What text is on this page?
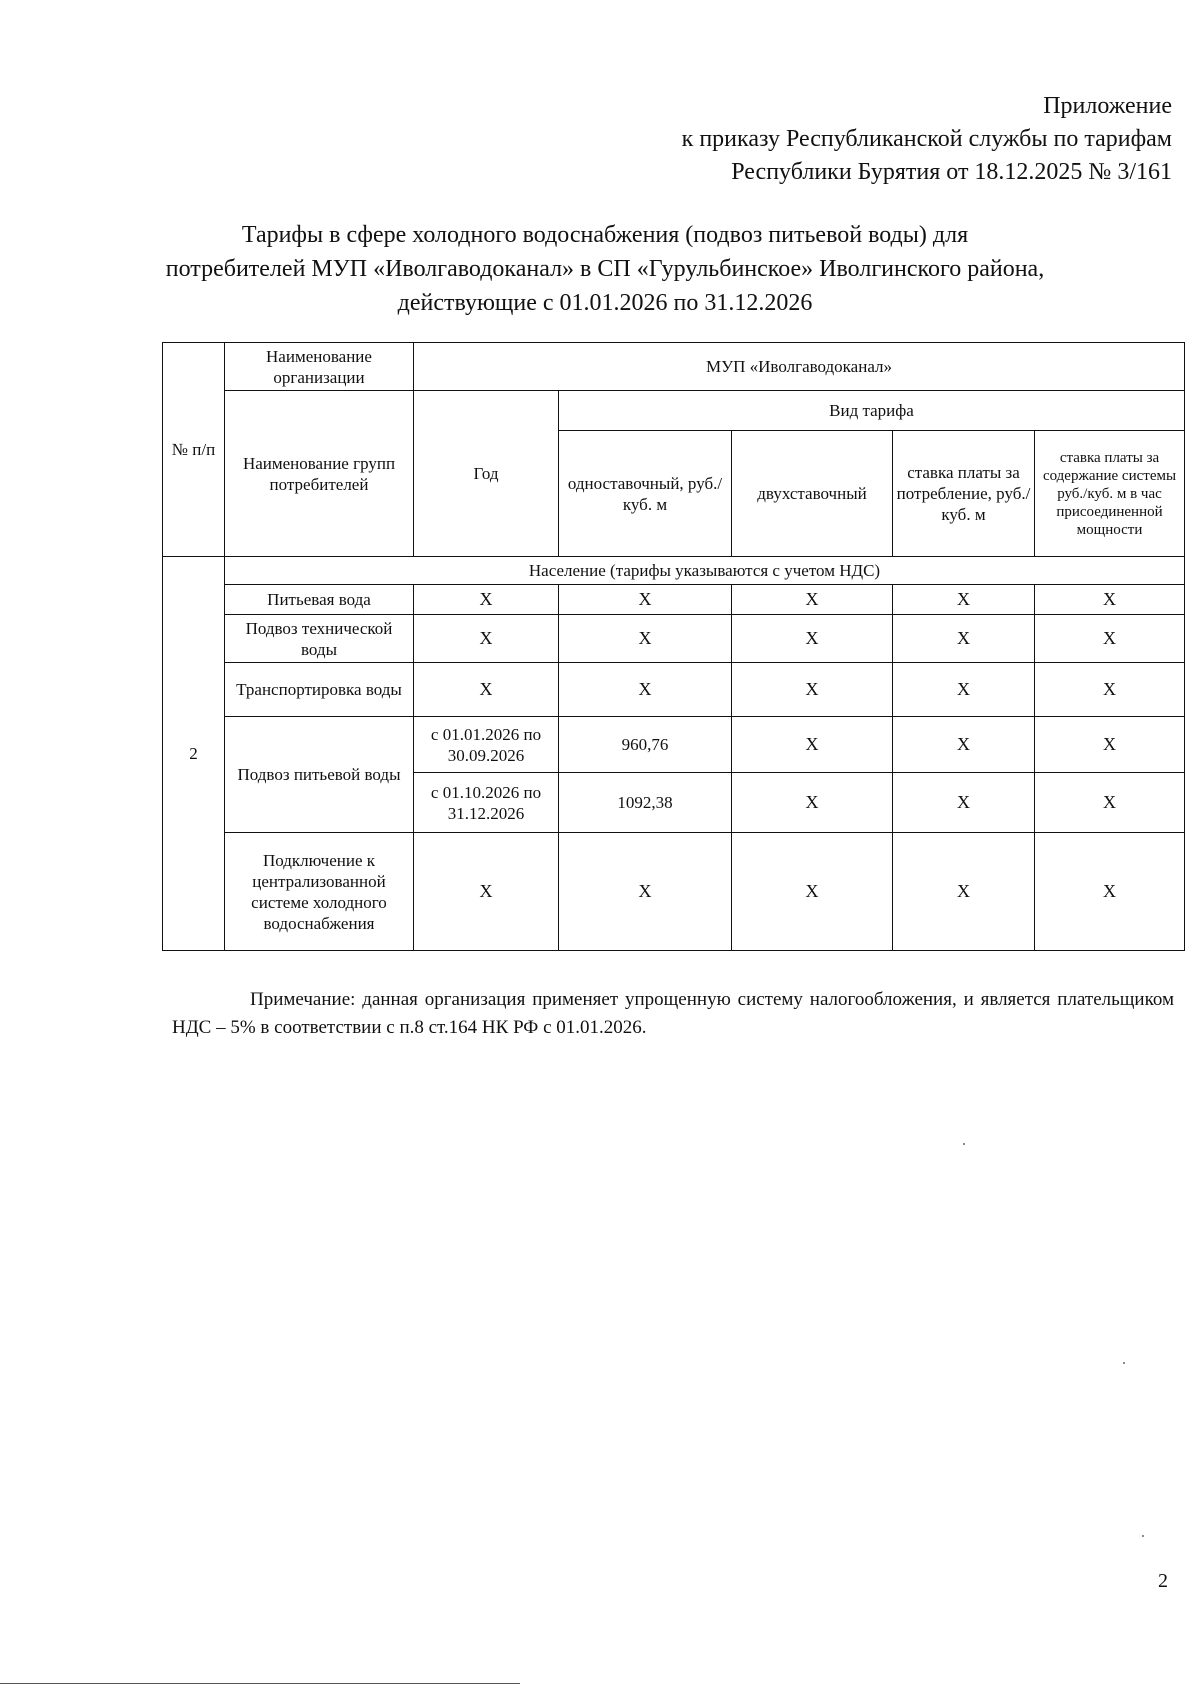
Приложение
к приказу Республиканской службы по тарифам
Республики Бурятия от 18.12.2025 № 3/161
Тарифы в сфере холодного водоснабжения (подвоз питьевой воды) для
потребителей МУП «Иволгаводоканал» в СП «Гурульбинское» Иволгинского района,
действующие с 01.01.2026 по 31.12.2026
№ п/п	Наименование организации	МУП «Иволгаводоканал»				
	Наименование групп потребителей	Год	Вид тарифа			
			одноставочный, руб./ куб. м	двухставочный	ставка платы за потребление, руб./ куб. м	ставка платы за содержание системы руб./куб. м в час присоединенной мощности
2	Население (тарифы указываются с учетом НДС)					
	Питьевая вода	Х	Х	Х	Х	Х
	Подвоз технической воды	Х	Х	Х	Х	Х
	Транспортировка воды	Х	Х	Х	Х	Х
	Подвоз питьевой воды	с 01.01.2026 по 30.09.2026	960,76	Х	Х	Х
		с 01.10.2026 по 31.12.2026	1092,38	Х	Х	Х
	Подключение к централизованной системе холодного водоснабжения	Х	Х	Х	Х	Х

Примечание: данная организация применяет упрощенную систему налогообложения, и является плательщиком НДС – 5% в соответствии с п.8 ст.164 НК РФ с 01.01.2026.

2
